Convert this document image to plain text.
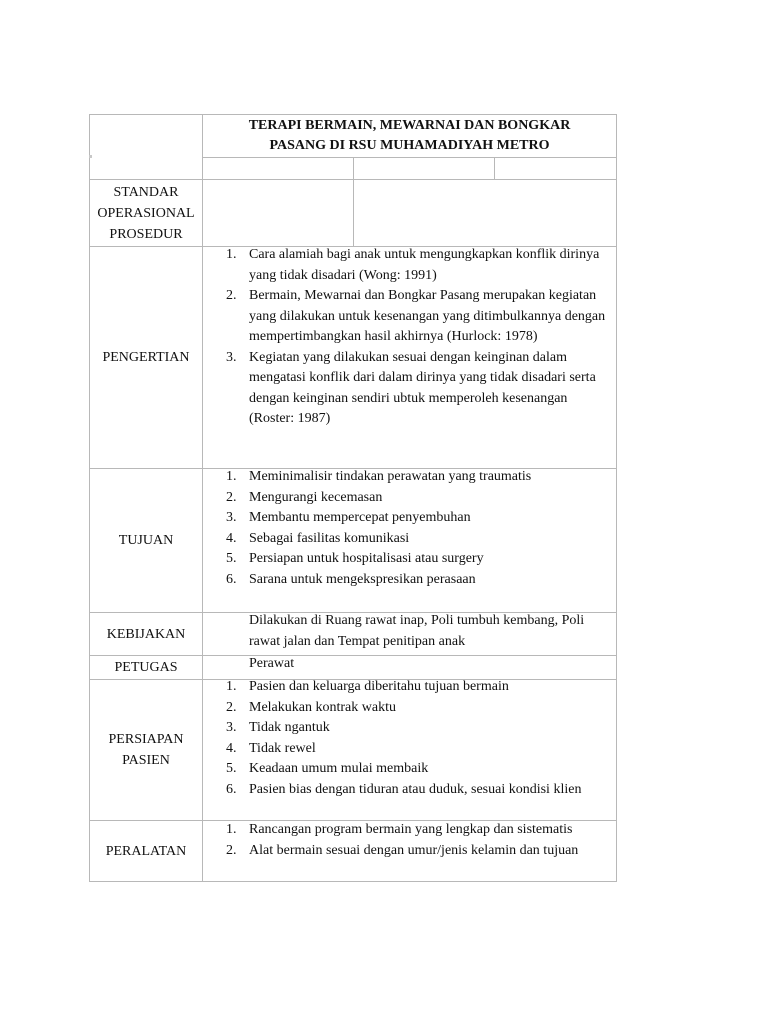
TERAPI BERMAIN, MEWARNAI DAN BONGKAR
PASANG DI RSU MUHAMADIYAH METRO
STANDAR
OPERASIONAL
PROSEDUR
PENGERTIAN
1. Cara alamiah bagi anak untuk mengungkapkan konflik dirinya yang tidak disadari (Wong: 1991)
2. Bermain, Mewarnai dan Bongkar Pasang merupakan kegiatan yang dilakukan untuk kesenangan yang ditimbulkannya dengan mempertimbangkan hasil akhirnya (Hurlock: 1978)
3. Kegiatan yang dilakukan sesuai dengan keinginan dalam mengatasi konflik dari dalam dirinya yang tidak disadari serta dengan keinginan sendiri ubtuk memperoleh kesenangan (Roster: 1987)
TUJUAN
1. Meminimalisir tindakan perawatan yang traumatis
2. Mengurangi kecemasan
3. Membantu mempercepat penyembuhan
4. Sebagai fasilitas komunikasi
5. Persiapan untuk hospitalisasi atau surgery
6. Sarana untuk mengekspresikan perasaan
KEBIJAKAN
Dilakukan di Ruang rawat inap, Poli tumbuh kembang, Poli rawat jalan dan Tempat penitipan anak
PETUGAS	Perawat
PERSIAPAN
PASIEN
1. Pasien dan keluarga diberitahu tujuan bermain
2. Melakukan kontrak waktu
3. Tidak ngantuk
4. Tidak rewel
5. Keadaan umum mulai membaik
6. Pasien bias dengan tiduran atau duduk, sesuai kondisi klien
PERALATAN
1. Rancangan program bermain yang lengkap dan sistematis
2. Alat bermain sesuai dengan umur/jenis kelamin dan tujuan
